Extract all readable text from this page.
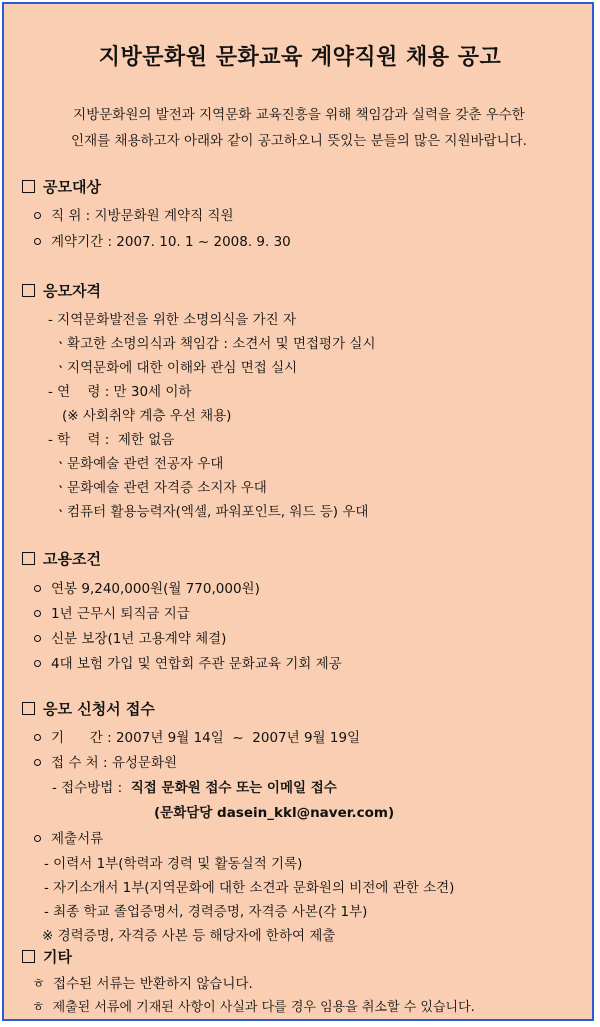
지방문화원 문화교육 계약직원 채용 공고
지방문화원의 발전과 지역문화 교육진흥을 위해 책임감과 실력을 갖춘 우수한
인재를 채용하고자 아래와 같이 공고하오니 뜻있는 분들의 많은 지원바랍니다.
공모대상
직 위 : 지방문화원 계약직 직원
계약기간 : 2007. 10. 1 ~ 2008. 9. 30
응모자격
- 지역문화발전을 위한 소명의식을 가진 자
ㆍ확고한 소명의식과 책임감 : 소견서 및 면접평가 실시
ㆍ지역문화에 대한 이해와 관심 면접 실시
- 연    령 : 만 30세 이하
(※ 사회취약 계층 우선 채용)
- 학    력 :  제한 없음
ㆍ문화예술 관련 전공자 우대
ㆍ문화예술 관련 자격증 소지자 우대
ㆍ컴퓨터 활용능력자(엑셀, 파워포인트, 워드 등) 우대
고용조건
연봉 9,240,000원(월 770,000원)
1년 근무시 퇴직금 지급
신분 보장(1년 고용계약 체결)
4대 보험 가입 및 연합회 주관 문화교육 기회 제공
응모 신청서 접수
기      간 : 2007년 9월 14일  ~  2007년 9월 19일
접 수 처 : 유성문화원
- 접수방법 :  직접 문화원 접수 또는 이메일 접수
(문화담당 dasein_kkl@naver.com)
제출서류
- 이력서 1부(학력과 경력 및 활동실적 기록)
- 자기소개서 1부(지역문화에 대한 소견과 문화원의 비전에 관한 소견)
- 최종 학교 졸업증명서, 경력증명, 자격증 사본(각 1부)
※ 경력증명, 자격증 사본 등 해당자에 한하여 제출
기타
ㅎ 접수된 서류는 반환하지 않습니다.
ㅎ 제출된 서류에 기재된 사항이 사실과 다를 경우 임용을 취소할 수 있습니다.
